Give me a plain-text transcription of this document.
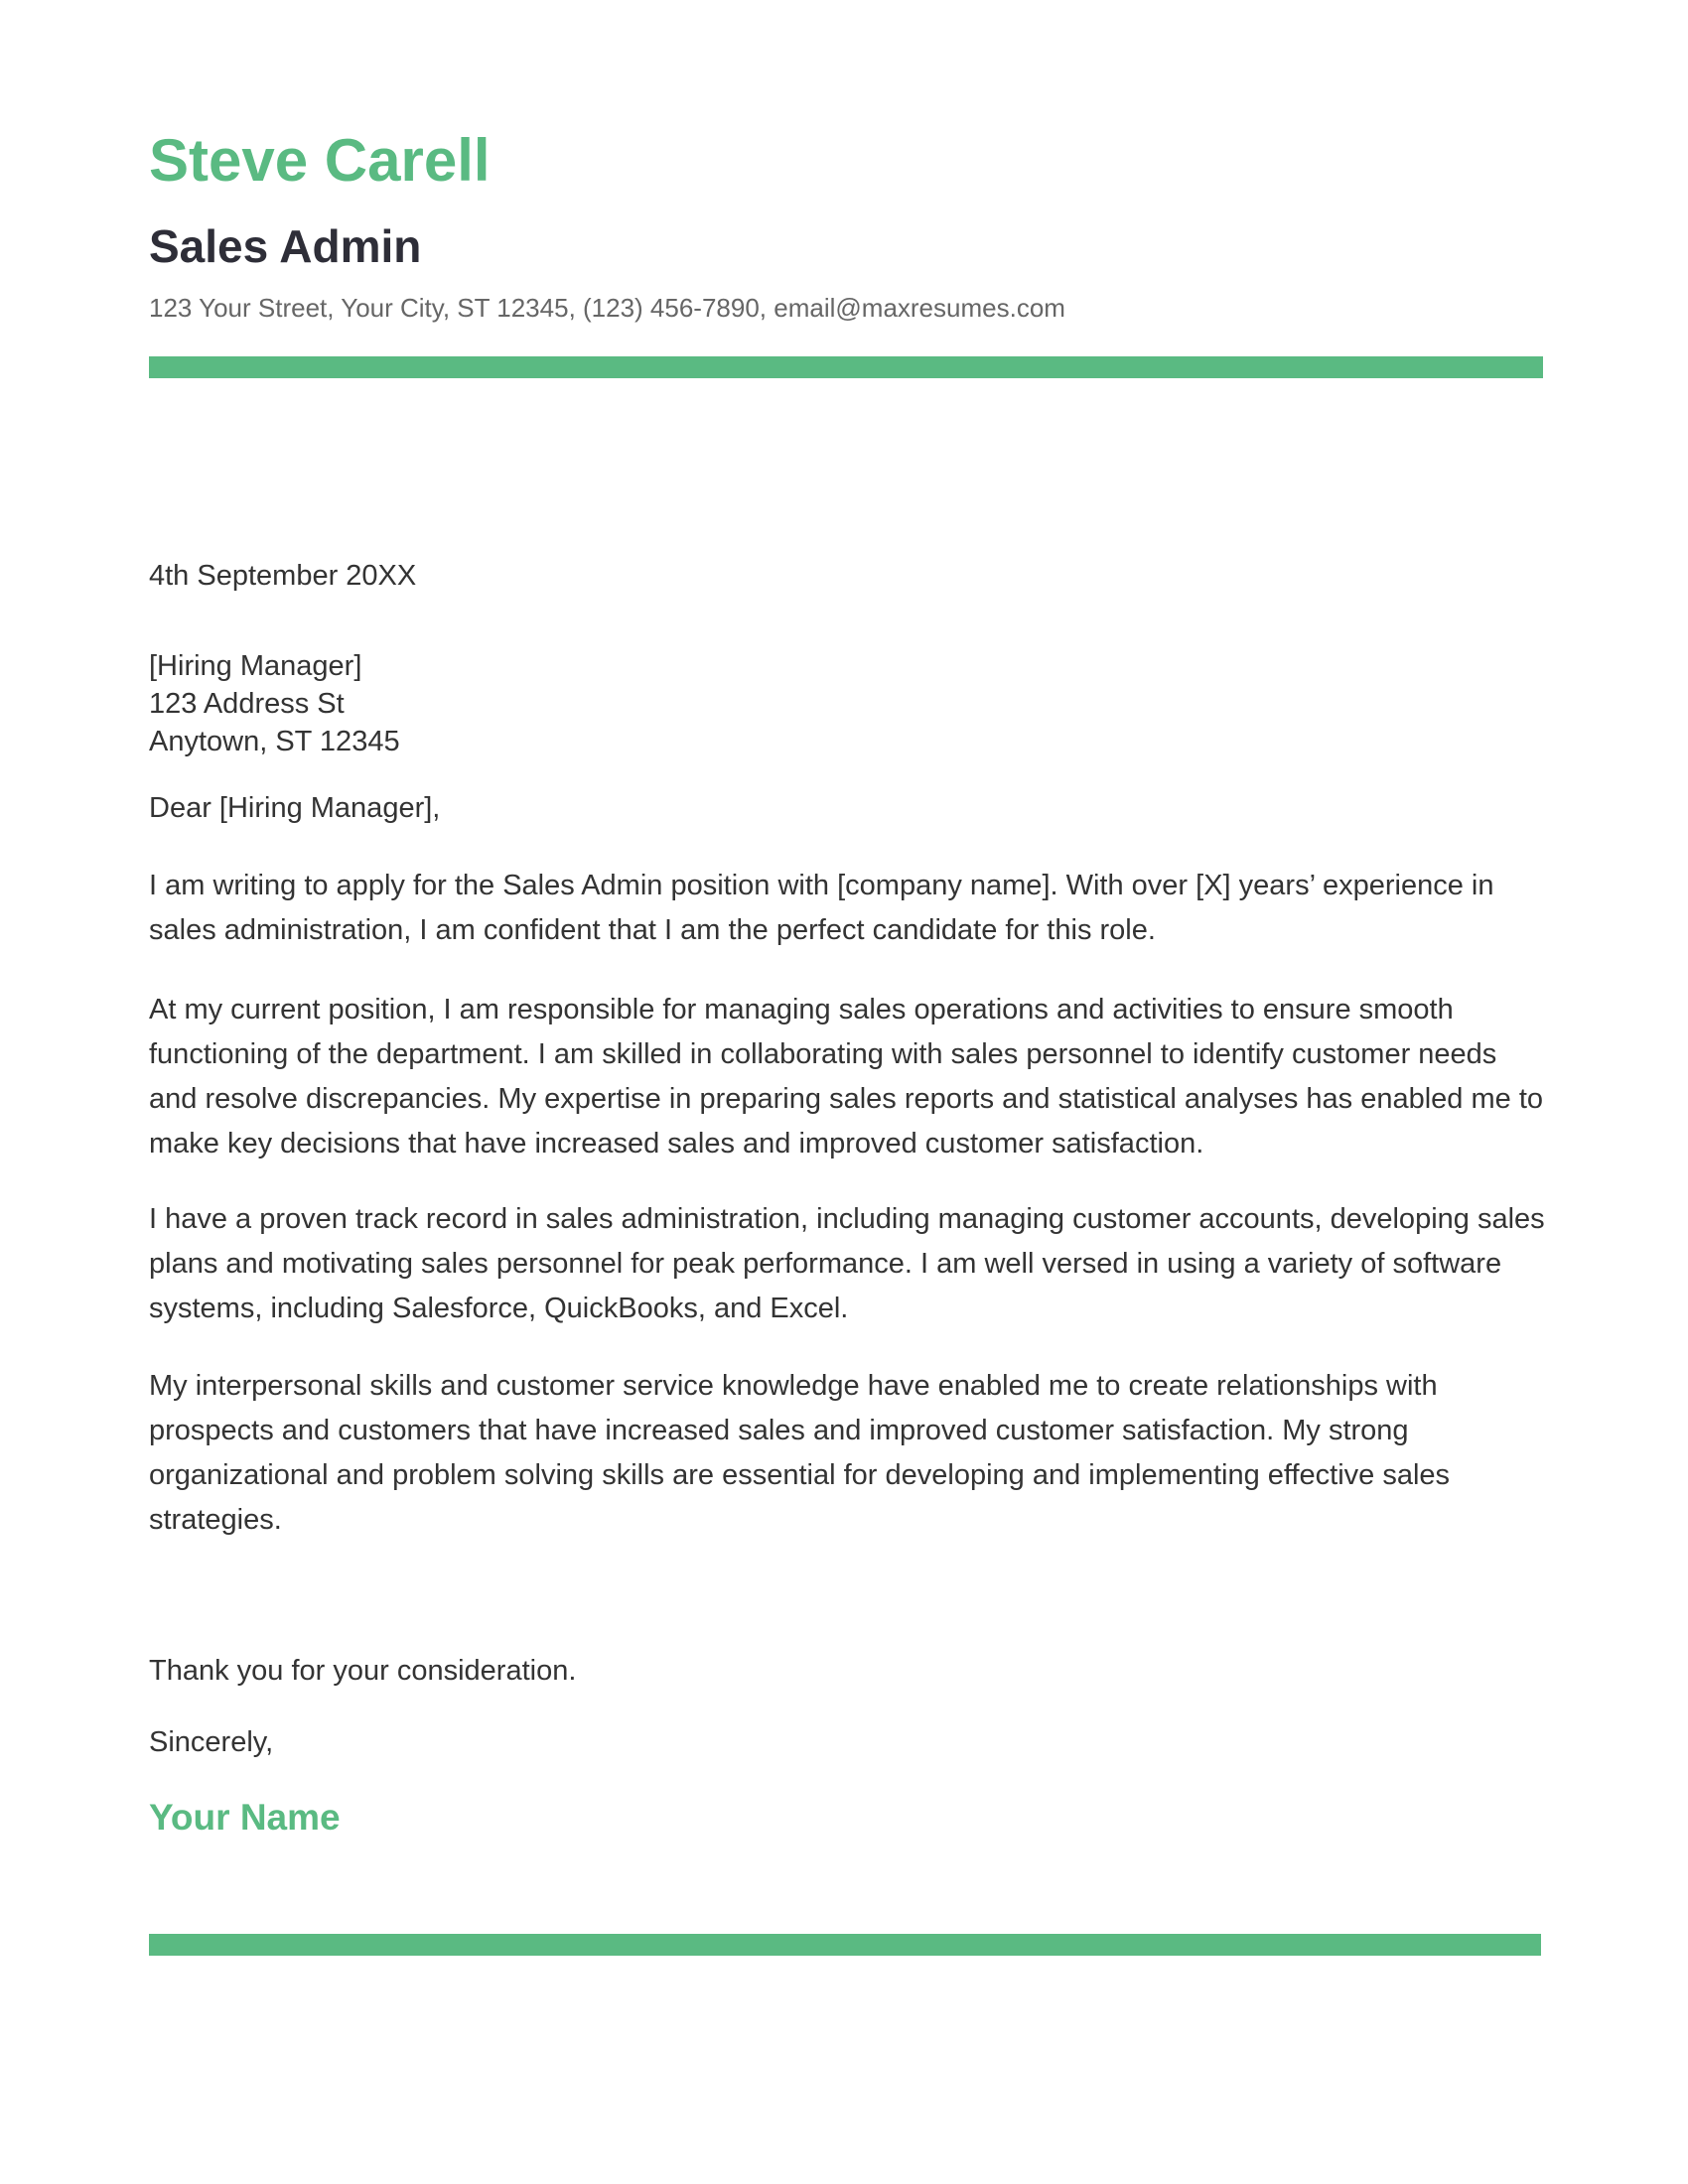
Steve Carell
Sales Admin
123 Your Street, Your City, ST 12345, (123) 456-7890, email@maxresumes.com
4th September 20XX
[Hiring Manager]
123 Address St
Anytown, ST 12345
Dear [Hiring Manager],

I am writing to apply for the Sales Admin position with [company name]. With over [X] years’ experience in sales administration, I am confident that I am the perfect candidate for this role.

At my current position, I am responsible for managing sales operations and activities to ensure smooth functioning of the department. I am skilled in collaborating with sales personnel to identify customer needs and resolve discrepancies. My expertise in preparing sales reports and statistical analyses has enabled me to make key decisions that have increased sales and improved customer satisfaction.

I have a proven track record in sales administration, including managing customer accounts, developing sales plans and motivating sales personnel for peak performance. I am well versed in using a variety of software systems, including Salesforce, QuickBooks, and Excel.

My interpersonal skills and customer service knowledge have enabled me to create relationships with prospects and customers that have increased sales and improved customer satisfaction. My strong organizational and problem solving skills are essential for developing and implementing effective sales strategies.

Thank you for your consideration.
Sincerely,
Your Name
